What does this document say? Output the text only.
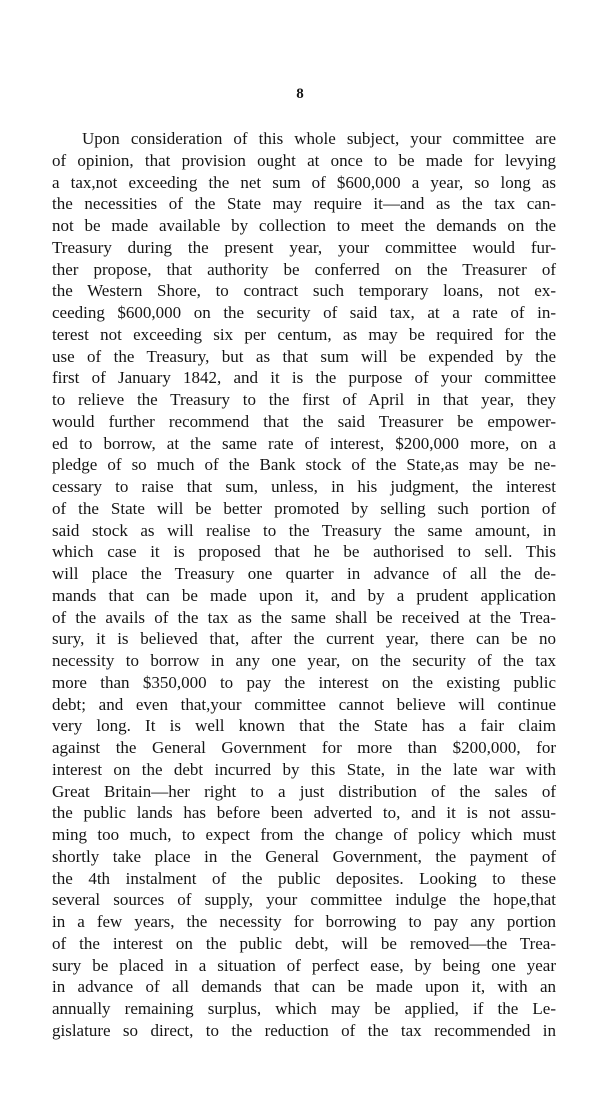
8
Upon consideration of this whole subject, your committee are
of opinion, that provision ought at once to be made for levying
a tax,not exceeding the net sum of $600,000 a year, so long as
the necessities of the State may require it—and as the tax can-
not be made available by collection to meet the demands on the
Treasury during the present year, your committee would fur-
ther propose, that authority be conferred on the Treasurer of
the Western Shore, to contract such temporary loans, not ex-
ceeding $600,000 on the security of said tax, at a rate of in-
terest not exceeding six per centum, as may be required for the
use of the Treasury, but as that sum will be expended by the
first of January 1842, and it is the purpose of your committee
to relieve the Treasury to the first of April in that year, they
would further recommend that the said Treasurer be empower-
ed to borrow, at the same rate of interest, $200,000 more, on a
pledge of so much of the Bank stock of the State,as may be ne-
cessary to raise that sum, unless, in his judgment, the interest
of the State will be better promoted by selling such portion of
said stock as will realise to the Treasury the same amount, in
which case it is proposed that he be authorised to sell. This
will place the Treasury one quarter in advance of all the de-
mands that can be made upon it, and by a prudent application
of the avails of the tax as the same shall be received at the Trea-
sury, it is believed that, after the current year, there can be no
necessity to borrow in any one year, on the security of the tax
more than $350,000 to pay the interest on the existing public
debt; and even that,your committee cannot believe will continue
very long. It is well known that the State has a fair claim
against the General Government for more than $200,000, for
interest on the debt incurred by this State, in the late war with
Great Britain—her right to a just distribution of the sales of
the public lands has before been adverted to, and it is not assu-
ming too much, to expect from the change of policy which must
shortly take place in the General Government, the payment of
the 4th instalment of the public deposites. Looking to these
several sources of supply, your committee indulge the hope,that
in a few years, the necessity for borrowing to pay any portion
of the interest on the public debt, will be removed—the Trea-
sury be placed in a situation of perfect ease, by being one year
in advance of all demands that can be made upon it, with an
annually remaining surplus, which may be applied, if the Le-
gislature so direct, to the reduction of the tax recommended in
